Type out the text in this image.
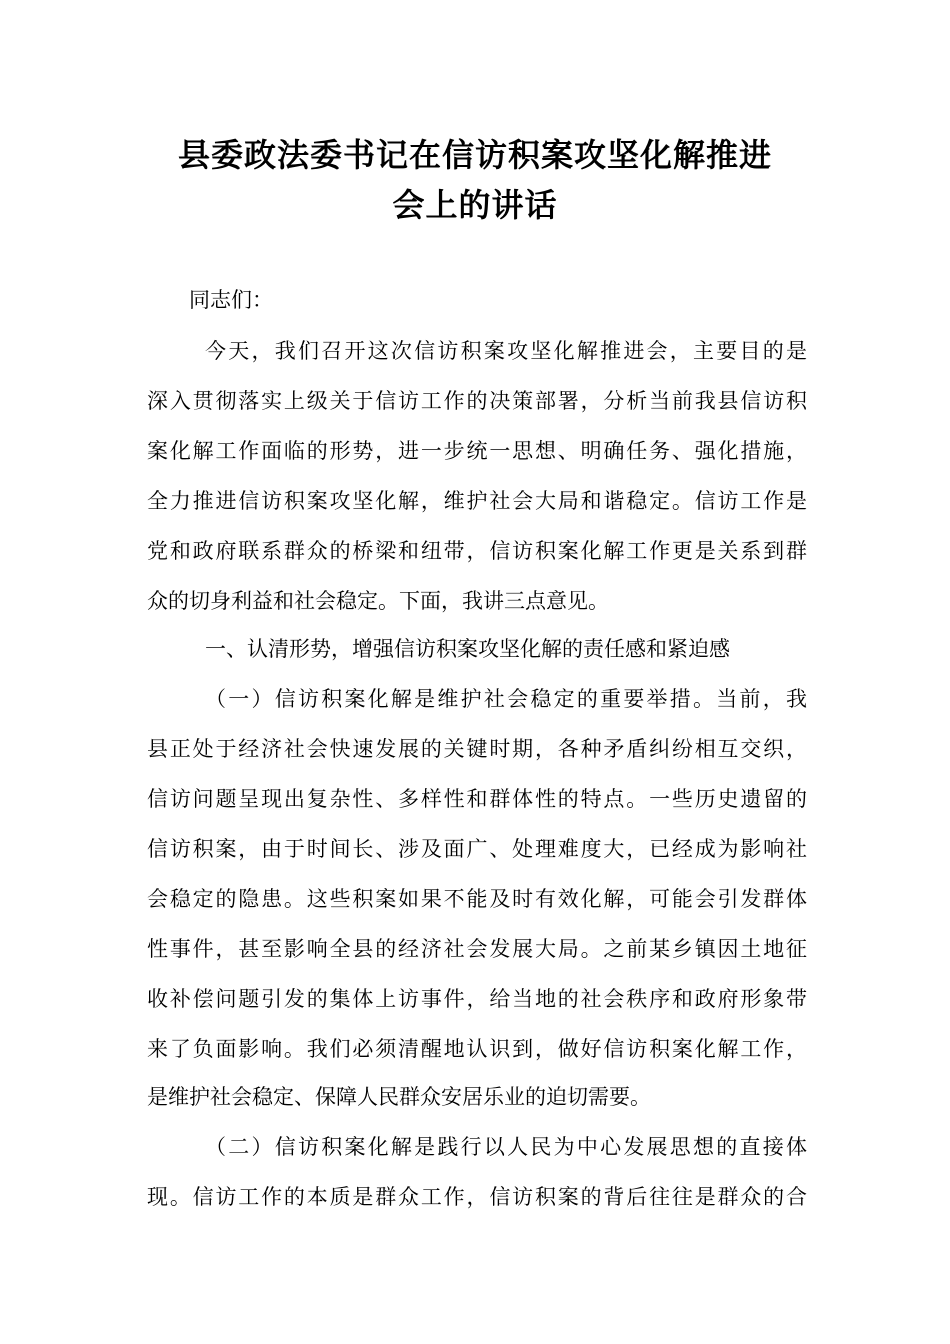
县委政法委书记在信访积案攻坚化解推进
会上的讲话
同志们：
今天，我们召开这次信访积案攻坚化解推进会，主要目的是
深入贯彻落实上级关于信访工作的决策部署，分析当前我县信访积
案化解工作面临的形势，进一步统一思想、明确任务、强化措施，
全力推进信访积案攻坚化解，维护社会大局和谐稳定。信访工作是
党和政府联系群众的桥梁和纽带，信访积案化解工作更是关系到群
众的切身利益和社会稳定。下面，我讲三点意见。
一、认清形势，增强信访积案攻坚化解的责任感和紧迫感
（一）信访积案化解是维护社会稳定的重要举措。当前，我
县正处于经济社会快速发展的关键时期，各种矛盾纠纷相互交织，
信访问题呈现出复杂性、多样性和群体性的特点。一些历史遗留的
信访积案，由于时间长、涉及面广、处理难度大，已经成为影响社
会稳定的隐患。这些积案如果不能及时有效化解，可能会引发群体
性事件，甚至影响全县的经济社会发展大局。之前某乡镇因土地征
收补偿问题引发的集体上访事件，给当地的社会秩序和政府形象带
来了负面影响。我们必须清醒地认识到，做好信访积案化解工作，
是维护社会稳定、保障人民群众安居乐业的迫切需要。
（二）信访积案化解是践行以人民为中心发展思想的直接体
现。信访工作的本质是群众工作，信访积案的背后往往是群众的合
